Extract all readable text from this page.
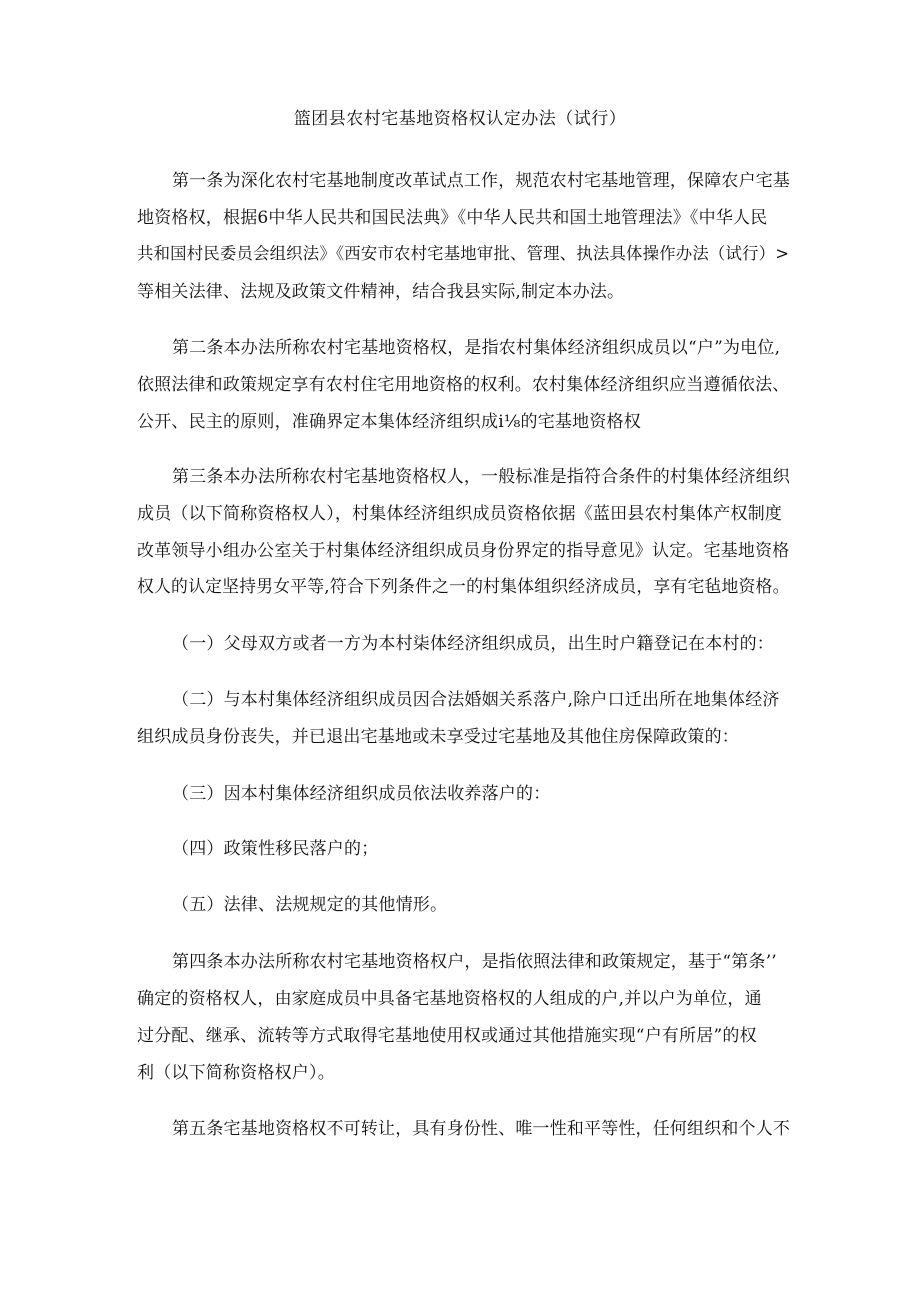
篮团县农村宅基地资格权认定办法（试行）
第一条为深化农村宅基地制度改革试点工作，规范农村宅基地管理，保障农户宅基
地资格权，根据6中华人民共和国民法典》《中华人民共和国土地管理法》《中华人民
共和国村民委员会组织法》《西安市农村宅基地审批、管理、执法具体操作办法（试行）>
等相关法律、法规及政策文件精神，结合我县实际,制定本办法。
第二条本办法所称农村宅基地资格权，是指农村集体经济组织成员以“户”为电位,
依照法律和政策规定享有农村住宅用地资格的权利。农村集体经济组织应当遵循依法、
公开、民主的原则，准确界定本集体经济组织成i⅛的宅基地资格权
第三条本办法所称农村宅基地资格权人，一般标准是指符合条件的村集体经济组织
成员（以下简称资格权人），村集体经济组织成员资格依据《蓝田县农村集体产权制度
改革领导小组办公室关于村集体经济组织成员身份界定的指导意见》认定。宅基地资格
权人的认定坚持男女平等,符合下列条件之一的村集体组织经济成员，享有宅毡地资格。
（一）父母双方或者一方为本村柒体经济组织成员，出生时户籍登记在本村的：
（二）与本村集体经济组织成员因合法婚姻关系落户,除户口迁出所在地集体经济
组织成员身份丧失，并已退出宅基地或未享受过宅基地及其他住房保障政策的：
（三）因本村集体经济组织成员依法收养落户的：
（四）政策性移民落户的；
（五）法律、法规规定的其他情形。
第四条本办法所称农村宅基地资格权户，是指依照法律和政策规定，基于“第条’’
确定的资格权人，由家庭成员中具备宅基地资格权的人组成的户,并以户为单位，通
过分配、继承、流转等方式取得宅基地使用权或通过其他措施实现“户有所居”的权
利（以下简称资格权户）。
第五条宅基地资格权不可转让，具有身份性、唯一性和平等性，任何组织和个人不
